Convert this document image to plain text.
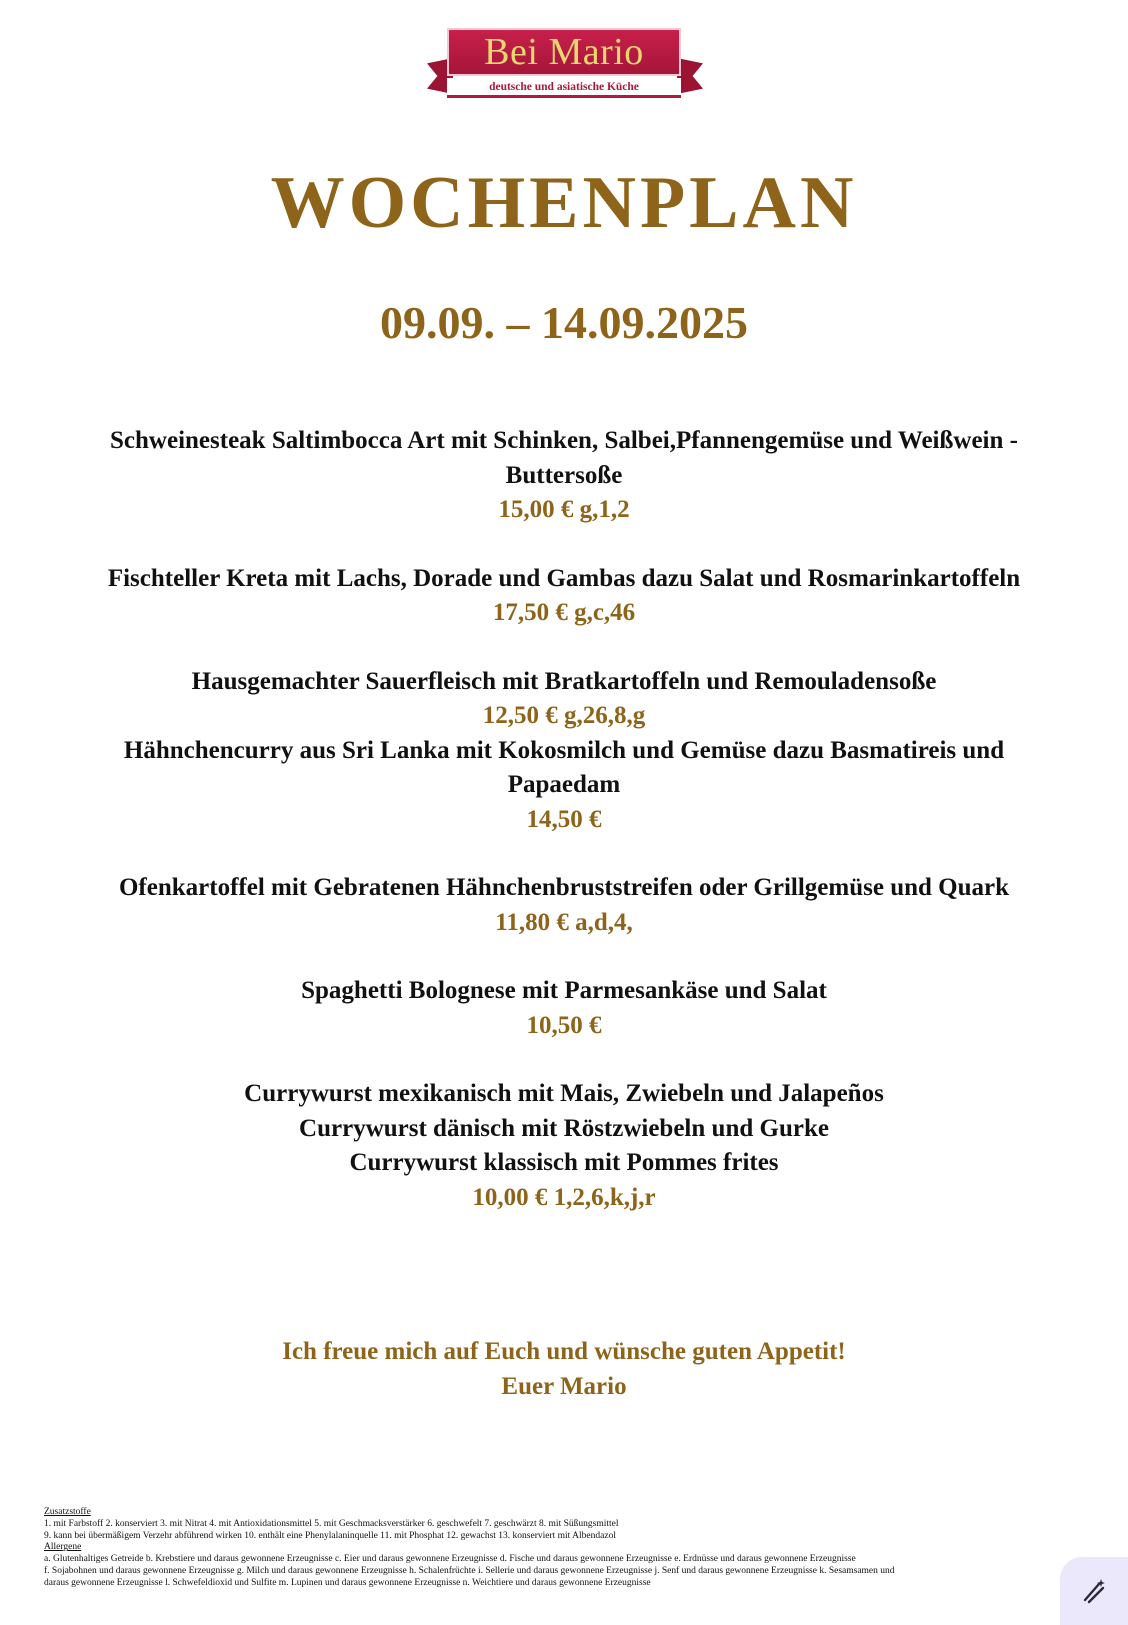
Bei Mario
deutsche und asiatische Küche
WOCHENPLAN
09.09. – 14.09.2025

Schweinesteak Saltimbocca Art mit Schinken, Salbei,Pfannengemüse und Weißwein -

Buttersoße

15,00 € g,1,2

Fischteller Kreta mit Lachs, Dorade und Gambas dazu Salat und Rosmarinkartoffeln

17,50 € g,c,46

Hausgemachter Sauerfleisch mit Bratkartoffeln und Remouladensoße

12,50 € g,26,8,g

Hähnchencurry aus Sri Lanka mit Kokosmilch und Gemüse dazu Basmatireis und

Papaedam

14,50 €

Ofenkartoffel mit Gebratenen Hähnchenbruststreifen oder Grillgemüse und Quark

11,80 € a,d,4,

Spaghetti Bolognese mit Parmesankäse und Salat

10,50 €

Currywurst mexikanisch mit Mais, Zwiebeln und Jalapeños

Currywurst dänisch mit Röstzwiebeln und Gurke

Currywurst klassisch mit Pommes frites

10,00 € 1,2,6,k,j,r

Ich freue mich auf Euch und wünsche guten Appetit!
Euer Mario
Zusatzstoffe
1. mit Farbstoff 2. konserviert 3. mit Nitrat 4. mit Antioxidationsmittel 5. mit Geschmacksverstärker 6. geschwefelt 7. geschwärzt 8. mit Süßungsmittel
9. kann bei übermäßigem Verzehr abführend wirken 10. enthält eine Phenylalaninquelle 11. mit Phosphat 12. gewachst 13. konserviert mit Albendazol
Allergene
a. Glutenhaltiges Getreide b. Krebstiere und daraus gewonnene Erzeugnisse c. Eier und daraus gewonnene Erzeugnisse d. Fische und daraus gewonnene Erzeugnisse e. Erdnüsse und daraus gewonnene Erzeugnisse
f. Sojabohnen und daraus gewonnene Erzeugnisse g. Milch und daraus gewonnene Erzeugnisse h. Schalenfrüchte i. Sellerie und daraus gewonnene Erzeugnisse j. Senf und daraus gewonnene Erzeugnisse k. Sesamsamen und
daraus gewonnene Erzeugnisse l. Schwefeldioxid und Sulfite m. Lupinen und daraus gewonnene Erzeugnisse n. Weichtiere und daraus gewonnene Erzeugnisse
